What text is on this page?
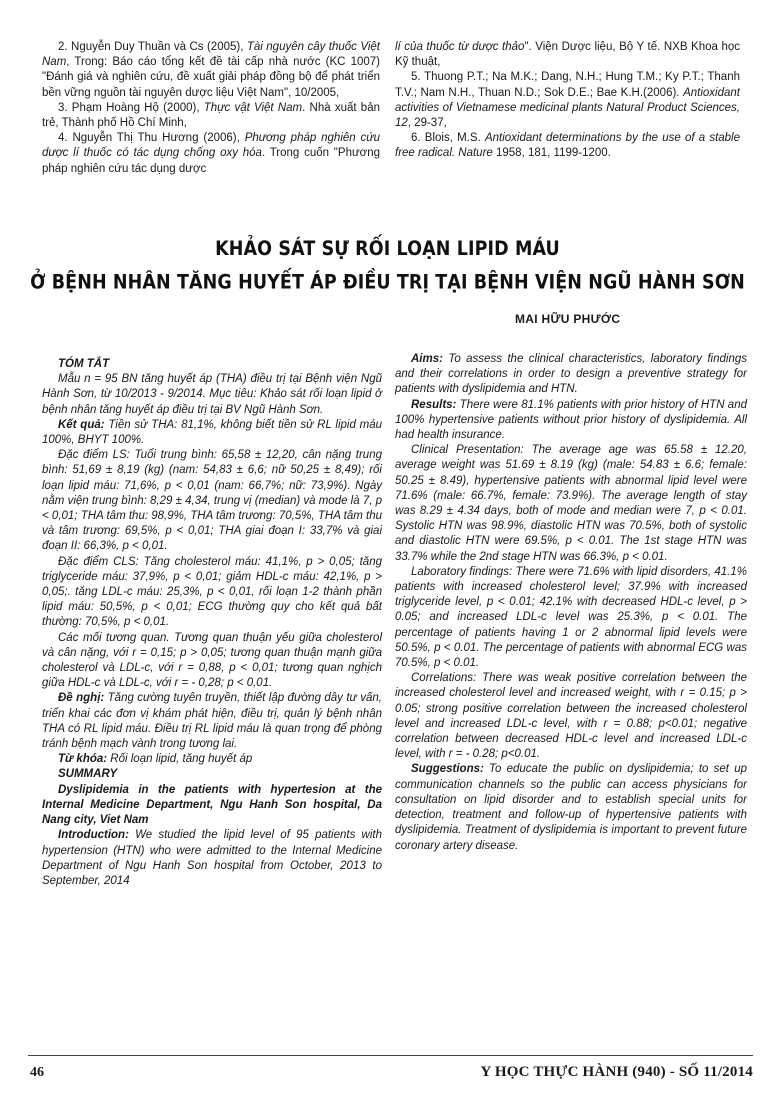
2. Nguyễn Duy Thuần và Cs (2005), Tài nguyên cây thuốc Việt Nam, Trong: Báo cáo tổng kết đề tài cấp nhà nước (KC 1007) "Đánh giá và nghiên cứu, đề xuất giải pháp đồng bộ để phát triển bền vững nguồn tài nguyên dược liệu Việt Nam", 10/2005,

3. Phạm Hoàng Hộ (2000), Thực vật Việt Nam. Nhà xuất bản trẻ, Thành phố Hồ Chí Minh,

4. Nguyễn Thị Thu Hương (2006), Phương pháp nghiên cứu dược lí thuốc có tác dụng chống oxy hóa. Trong cuốn "Phương pháp nghiên cứu tác dụng dược

lí của thuốc từ dược thảo". Viện Dược liệu, Bộ Y tế. NXB Khoa học Kỹ thuật,

5. Thuong P.T.; Na M.K.; Dang, N.H.; Hung T.M.; Ky P.T.; Thanh T.V.; Nam N.H., Thuan N.D.; Sok D.E.; Bae K.H.(2006). Antioxidant activities of Vietnamese medicinal plants Natural Product Sciences, 12, 29-37,

6. Blois, M.S. Antioxidant determinations by the use of a stable free radical. Nature 1958, 181, 1199-1200.

KHẢO SÁT SỰ RỐI LOẠN LIPID MÁU
Ở BỆNH NHÂN TĂNG HUYẾT ÁP ĐIỀU TRỊ TẠI BỆNH VIỆN NGŨ HÀNH SƠN
MAI HỮU PHƯỚC

TÓM TẮT

Mẫu n = 95 BN tăng huyết áp (THA) điều trị tại Bệnh viện Ngũ Hành Sơn, từ 10/2013 - 9/2014. Mục tiêu: Khảo sát rối loạn lipid ở bệnh nhân tăng huyết áp điều trị tại BV Ngũ Hành Sơn.

Kết quả: Tiền sử THA: 81,1%, không biết tiền sử RL lipid máu 100%, BHYT 100%.

Đặc điểm LS: Tuổi trung bình: 65,58 ± 12,20, cân nặng trung bình: 51,69 ± 8,19 (kg) (nam: 54,83 ± 6,6; nữ 50,25 ± 8,49); rối loạn lipid máu: 71,6%, p < 0,01 (nam: 66,7%; nữ: 73,9%). Ngày nằm viện trung bình: 8,29 ± 4,34, trung vị (median) và mode là 7, p < 0,01; THA tâm thu: 98,9%, THA tâm trương: 70,5%, THA tâm thu và tâm trương: 69,5%, p < 0,01; THA giai đoạn I: 33,7% và giai đoạn II: 66,3%, p < 0,01.

Đặc điểm CLS: Tăng cholesterol máu: 41,1%, p > 0,05; tăng triglyceride máu: 37,9%, p < 0,01; giảm HDL-c máu: 42,1%, p > 0,05;. tăng LDL-c máu: 25,3%, p < 0,01, rối loạn 1-2 thành phần lipid máu: 50,5%, p < 0,01; ECG thường quy cho kết quả bất thường: 70,5%, p < 0,01.

Các mối tương quan. Tương quan thuận yếu giữa cholesterol và cân nặng, với r = 0,15; p > 0,05; tương quan thuận mạnh giữa cholesterol và LDL-c, với r = 0,88, p < 0,01; tương quan nghịch giữa HDL-c và LDL-c, với r = - 0,28; p < 0,01.

Đề nghị: Tăng cường tuyên truyền, thiết lập đường dây tư vấn, triển khai các đơn vị khám phát hiện, điều trị, quản lý bệnh nhân THA có RL lipid máu. Điều trị RL lipid máu là quan trọng để phòng tránh bệnh mạch vành trong tương lai.

Từ khóa: Rối loạn lipid, tăng huyết áp

SUMMARY

Dyslipidemia in the patients with hypertesion at the Internal Medicine Department, Ngu Hanh Son hospital, Da Nang city, Viet Nam

Introduction: We studied the lipid level of 95 patients with hypertension (HTN) who were admitted to the Internal Medicine Department of Ngu Hanh Son hospital from October, 2013 to September, 2014

Aims: To assess the clinical characteristics, laboratory findings and their correlations in order to design a preventive strategy for patients with dyslipidemia and HTN.

Results: There were 81.1% patients with prior history of HTN and 100% hypertensive patients without prior history of dyslipidemia. All had health insurance.

Clinical Presentation: The average age was 65.58 ± 12.20, average weight was 51.69 ± 8.19 (kg) (male: 54.83 ± 6.6; female: 50.25 ± 8.49), hypertensive patients with abnormal lipid level were 71.6% (male: 66.7%, female: 73.9%). The average length of stay was 8.29 ± 4.34 days, both of mode and median were 7, p < 0.01. Systolic HTN was 98.9%, diastolic HTN was 70.5%, both of systolic and diastolic HTN were 69.5%, p < 0.01. The 1st stage HTN was 33.7% while the 2nd stage HTN was 66.3%, p < 0.01.

Laboratory findings: There were 71.6% with lipid disorders, 41.1% patients with increased cholesterol level; 37.9% with increased triglyceride level, p < 0.01; 42.1% with decreased HDL-c level, p > 0.05; and increased LDL-c level was 25.3%, p < 0.01. The percentage of patients having 1 or 2 abnormal lipid levels were 50.5%, p < 0.01. The percentage of patients with abnormal ECG was 70.5%, p < 0.01.

Correlations: There was weak positive correlation between the increased cholesterol level and increased weight, with r = 0.15; p > 0.05; strong positive correlation between the increased cholesterol level and increased LDL-c level, with r = 0.88; p<0.01; negative correlation between decreased HDL-c level and increased LDL-c level, with r = - 0.28; p<0.01.

Suggestions: To educate the public on dyslipidemia; to set up communication channels so the public can access physicians for consultation on lipid disorder and to establish special units for detection, treatment and follow-up of hypertensive patients with dyslipidemia. Treatment of dyslipidemia is important to prevent future coronary artery disease.

46	Y HỌC THỰC HÀNH (940) - SỐ 11/2014
